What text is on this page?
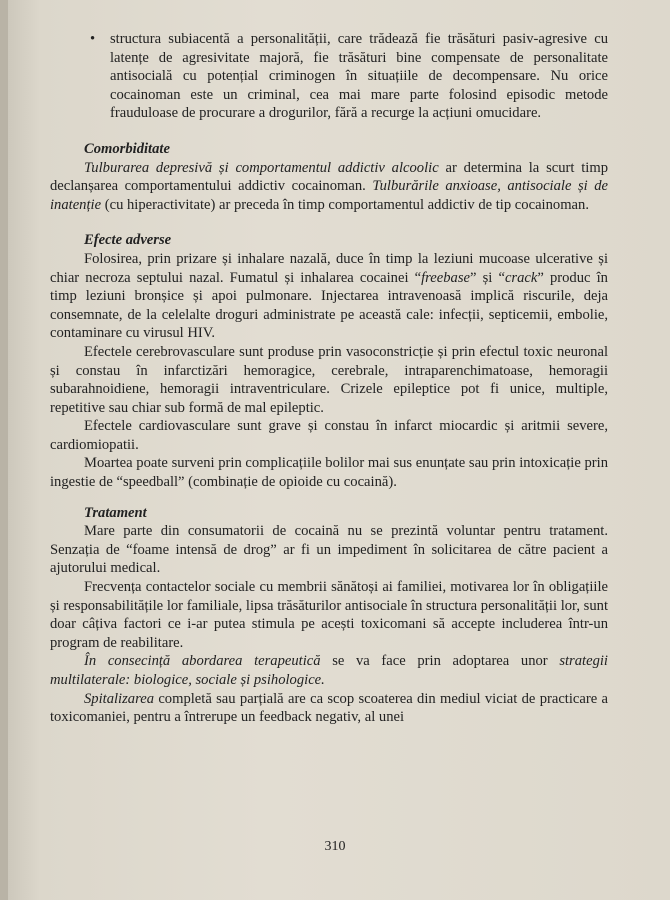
• structura subiacentă a personalității, care trădează fie trăsături pasiv-agresive cu latențe de agresivitate majoră, fie trăsături bine compensate de personalitate antisocială cu potențial criminogen în situațiile de decompensare. Nu orice cocainoman este un criminal, cea mai mare parte folosind episodic metode frauduloase de procurare a drogurilor, fără a recurge la acțiuni omucidare.

Comorbiditate

Tulburarea depresivă și comportamentul addictiv alcoolic ar determina la scurt timp declanșarea comportamentului addictiv cocainoman. Tulburările anxioase, antisociale și de inatenție (cu hiperactivitate) ar preceda în timp comportamentul addictiv de tip cocainoman.

Efecte adverse

Folosirea, prin prizare și inhalare nazală, duce în timp la leziuni mucoase ulcerative și chiar necroza septului nazal. Fumatul și inhalarea cocainei “freebase” și “crack” produc în timp leziuni bronșice și apoi pulmonare. Injectarea intravenoasă implică riscurile, deja consemnate, de la celelalte droguri administrate pe această cale: infecții, septicemii, embolie, contaminare cu virusul HIV.

Efectele cerebrovasculare sunt produse prin vasoconstricție și prin efectul toxic neuronal și constau în infarctizări hemoragice, cerebrale, intraparenchimatoase, hemoragii subarahnoidiene, hemoragii intraventriculare. Crizele epileptice pot fi unice, multiple, repetitive sau chiar sub formă de mal epileptic.

Efectele cardiovasculare sunt grave și constau în infarct miocardic și aritmii severe, cardiomiopatii.

Moartea poate surveni prin complicațiile bolilor mai sus enunțate sau prin intoxicație prin ingestie de “speedball” (combinație de opioide cu cocaină).

Tratament

Mare parte din consumatorii de cocaină nu se prezintă voluntar pentru tratament. Senzația de “foame intensă de drog” ar fi un impediment în solicitarea de către pacient a ajutorului medical.

Frecvența contactelor sociale cu membrii sănătoși ai familiei, motivarea lor în obligațiile și responsabilitățile lor familiale, lipsa trăsăturilor antisociale în structura personalității lor, sunt doar câțiva factori ce i-ar putea stimula pe acești toxicomani să accepte includerea într-un program de reabilitare.

În consecință abordarea terapeutică se va face prin adoptarea unor strategii multilaterale: biologice, sociale și psihologice.

Spitalizarea completă sau parțială are ca scop scoaterea din mediul viciat de practicare a toxicomaniei, pentru a întrerupe un feedback negativ, al unei

310
